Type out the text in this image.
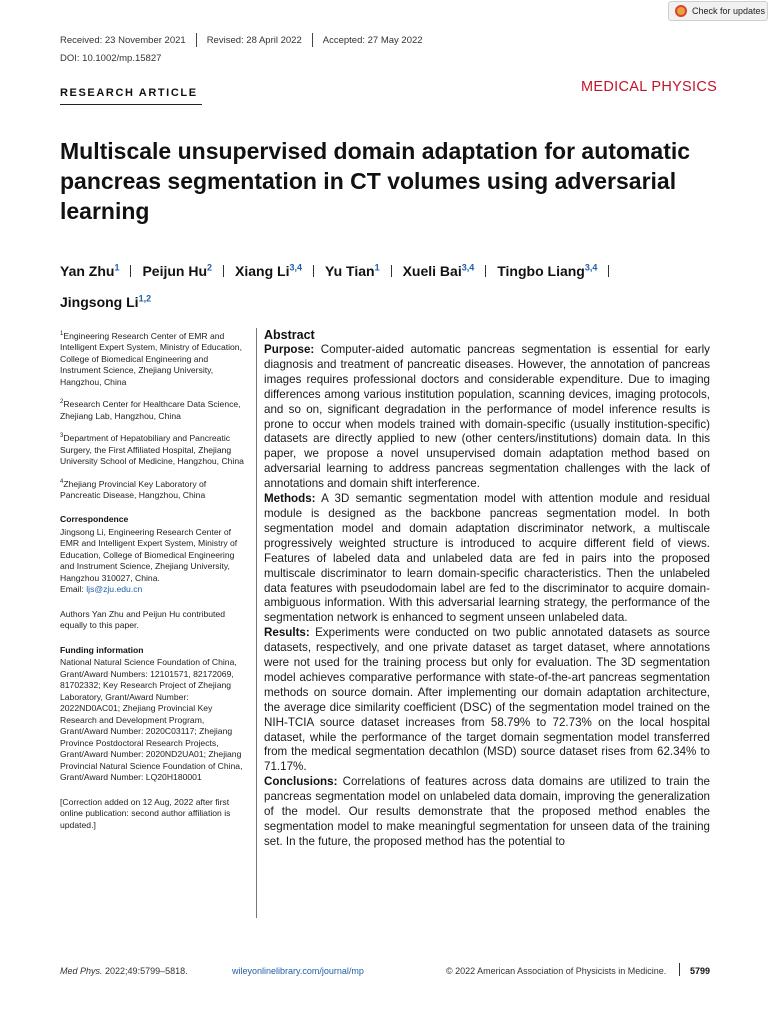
Check for updates
Received: 23 November 2021 Revised: 28 April 2022 Accepted: 27 May 2022
DOI: 10.1002/mp.15827
RESEARCH ARTICLE	MEDICAL PHYSICS
Multiscale unsupervised domain adaptation for automatic pancreas segmentation in CT volumes using adversarial learning
Yan Zhu$^1$ Peijun Hu$^2$ Xiang Li$^{3,4}$ Yu Tian$^1$ Xueli Bai$^{3,4}$ Tingbo Liang$^{3,4}$
Jingsong Li$^{1,2}$

$^1$Engineering Research Center of EMR and Intelligent Expert System, Ministry of Education, College of Biomedical Engineering and Instrument Science, Zhejiang University, Hangzhou, China

$^2$Research Center for Healthcare Data Science, Zhejiang Lab, Hangzhou, China

$^3$Department of Hepatobiliary and Pancreatic Surgery, the First Affiliated Hospital, Zhejiang University School of Medicine, Hangzhou, China

$^4$Zhejiang Provincial Key Laboratory of Pancreatic Disease, Hangzhou, China

Correspondence
Jingsong Li, Engineering Research Center of EMR and Intelligent Expert System, Ministry of Education, College of Biomedical Engineering and Instrument Science, Zhejiang University, Hangzhou 310027, China.
Email: ljs@zju.edu.cn

Authors Yan Zhu and Peijun Hu contributed equally to this paper.

Funding information
National Natural Science Foundation of China, Grant/Award Numbers: 12101571, 82172069, 81702332; Key Research Project of Zhejiang Laboratory, Grant/Award Number: 2022ND0AC01; Zhejiang Provincial Key Research and Development Program, Grant/Award Number: 2020C03117; Zhejiang Province Postdoctoral Research Projects, Grant/Award Number: 2020ND2UA01; Zhejiang Provincial Natural Science Foundation of China, Grant/Award Number: LQ20H180001

[Correction added on 12 Aug, 2022 after first online publication: second author affiliation is updated.]

Abstract

Purpose: Computer-aided automatic pancreas segmentation is essential for early diagnosis and treatment of pancreatic diseases. However, the annotation of pancreas images requires professional doctors and considerable expenditure. Due to imaging differences among various institution population, scanning devices, imaging protocols, and so on, significant degradation in the performance of model inference results is prone to occur when models trained with domain-specific (usually institution-specific) datasets are directly applied to new (other centers/institutions) domain data. In this paper, we propose a novel unsupervised domain adaptation method based on adversarial learning to address pancreas segmentation challenges with the lack of annotations and domain shift interference.

Methods: A 3D semantic segmentation model with attention module and residual module is designed as the backbone pancreas segmentation model. In both segmentation model and domain adaptation discriminator network, a multiscale progressively weighted structure is introduced to acquire different field of views. Features of labeled data and unlabeled data are fed in pairs into the proposed multiscale discriminator to learn domain-specific characteristics. Then the unlabeled data features with pseudodomain label are fed to the discriminator to acquire domain-ambiguous information. With this adversarial learning strategy, the performance of the segmentation network is enhanced to segment unseen unlabeled data.

Results: Experiments were conducted on two public annotated datasets as source datasets, respectively, and one private dataset as target dataset, where annotations were not used for the training process but only for evaluation. The 3D segmentation model achieves comparative performance with state-of-the-art pancreas segmentation methods on source domain. After implementing our domain adaptation architecture, the average dice similarity coefficient (DSC) of the segmentation model trained on the NIH-TCIA source dataset increases from 58.79% to 72.73% on the local hospital dataset, while the performance of the target domain segmentation model transferred from the medical segmentation decathlon (MSD) source dataset rises from 62.34% to 71.17%.

Conclusions: Correlations of features across data domains are utilized to train the pancreas segmentation model on unlabeled data domain, improving the generalization of the model. Our results demonstrate that the proposed method enables the segmentation model to make meaningful segmentation for unseen data of the training set. In the future, the proposed method has the potential to

Med Phys. 2022;49:5799–5818.	wileyonlinelibrary.com/journal/mp	© 2022 American Association of Physicists in Medicine.	5799
